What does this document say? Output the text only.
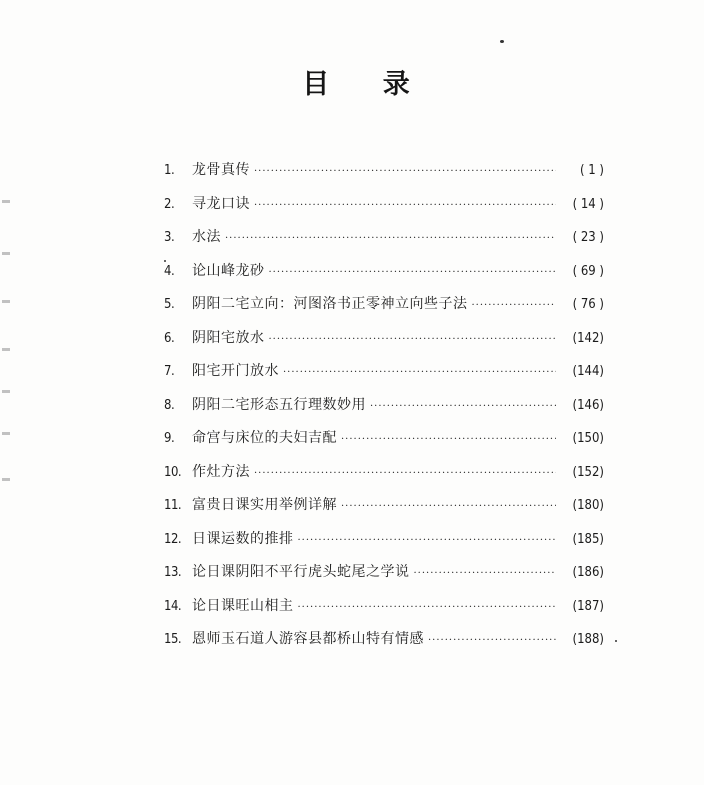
目 录
1.	龙骨真传 ·····	( 1 )
2.	寻龙口诀 ·····	( 14 )
3.	水法 ·····	( 23 )
4.	论山峰龙砂 ·····	( 69 )
5.	阴阳二宅立向：河图洛书正零神立向些子法 ·····	( 76 )
6.	阴阳宅放水 ·····	(142)
7.	阳宅开门放水 ·····	(144)
8.	阴阳二宅形态五行理数妙用 ·····	(146)
9.	命宫与床位的夫妇吉配 ·····	(150)
10. 作灶方法 ·····	(152)
11. 富贵日课实用举例详解 ·····	(180)
12. 日课运数的推排 ·····	(185)
13. 论日课阴阳不平行虎头蛇尾之学说 ·····	(186)
14. 论日课旺山相主 ·····	(187)
15. 恩师玉石道人游容县都桥山特有情感 ·····	(188)
